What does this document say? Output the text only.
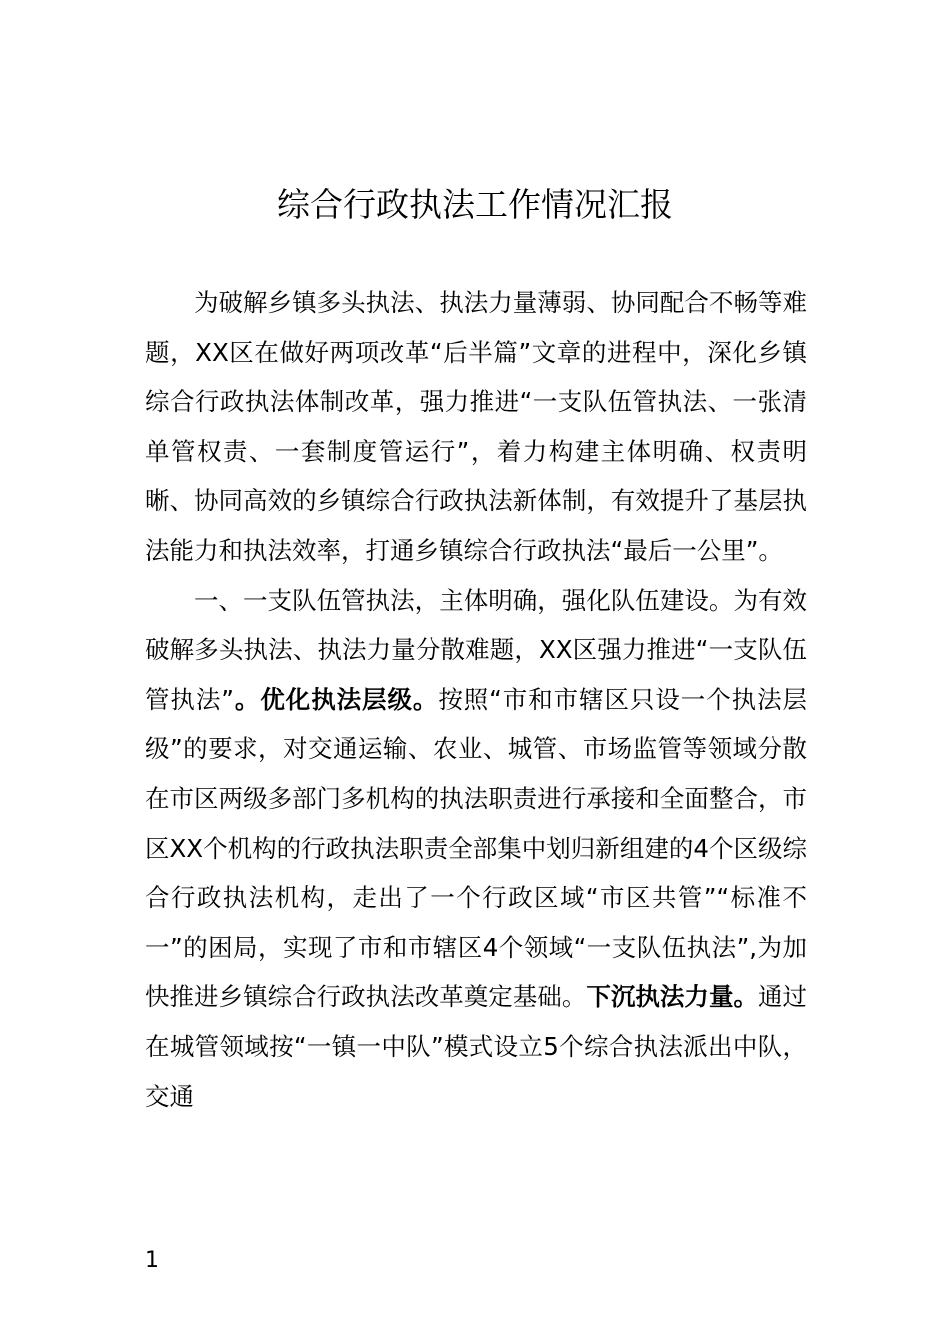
综合行政执法工作情况汇报

为破解乡镇多头执法、执法力量薄弱、协同配合不畅等难题，XX区在做好两项改革“后半篇”文章的进程中，深化乡镇综合行政执法体制改革，强力推进“一支队伍管执法、一张清单管权责、一套制度管运行”，着力构建主体明确、权责明晰、协同高效的乡镇综合行政执法新体制，有效提升了基层执法能力和执法效率，打通乡镇综合行政执法“最后一公里”。

一、一支队伍管执法，主体明确，强化队伍建设。为有效破解多头执法、执法力量分散难题，XX区强力推进“一支队伍管执法”。优化执法层级。按照“市和市辖区只设一个执法层级”的要求，对交通运输、农业、城管、市场监管等领域分散在市区两级多部门多机构的执法职责进行承接和全面整合，市区XX个机构的行政执法职责全部集中划归新组建的4个区级综合行政执法机构，走出了一个行政区域“市区共管”“标准不一”的困局，实现了市和市辖区4个领域“一支队伍执法”,为加快推进乡镇综合行政执法改革奠定基础。下沉执法力量。通过在城管领域按“一镇一中队”模式设立5个综合执法派出中队，交通

1
